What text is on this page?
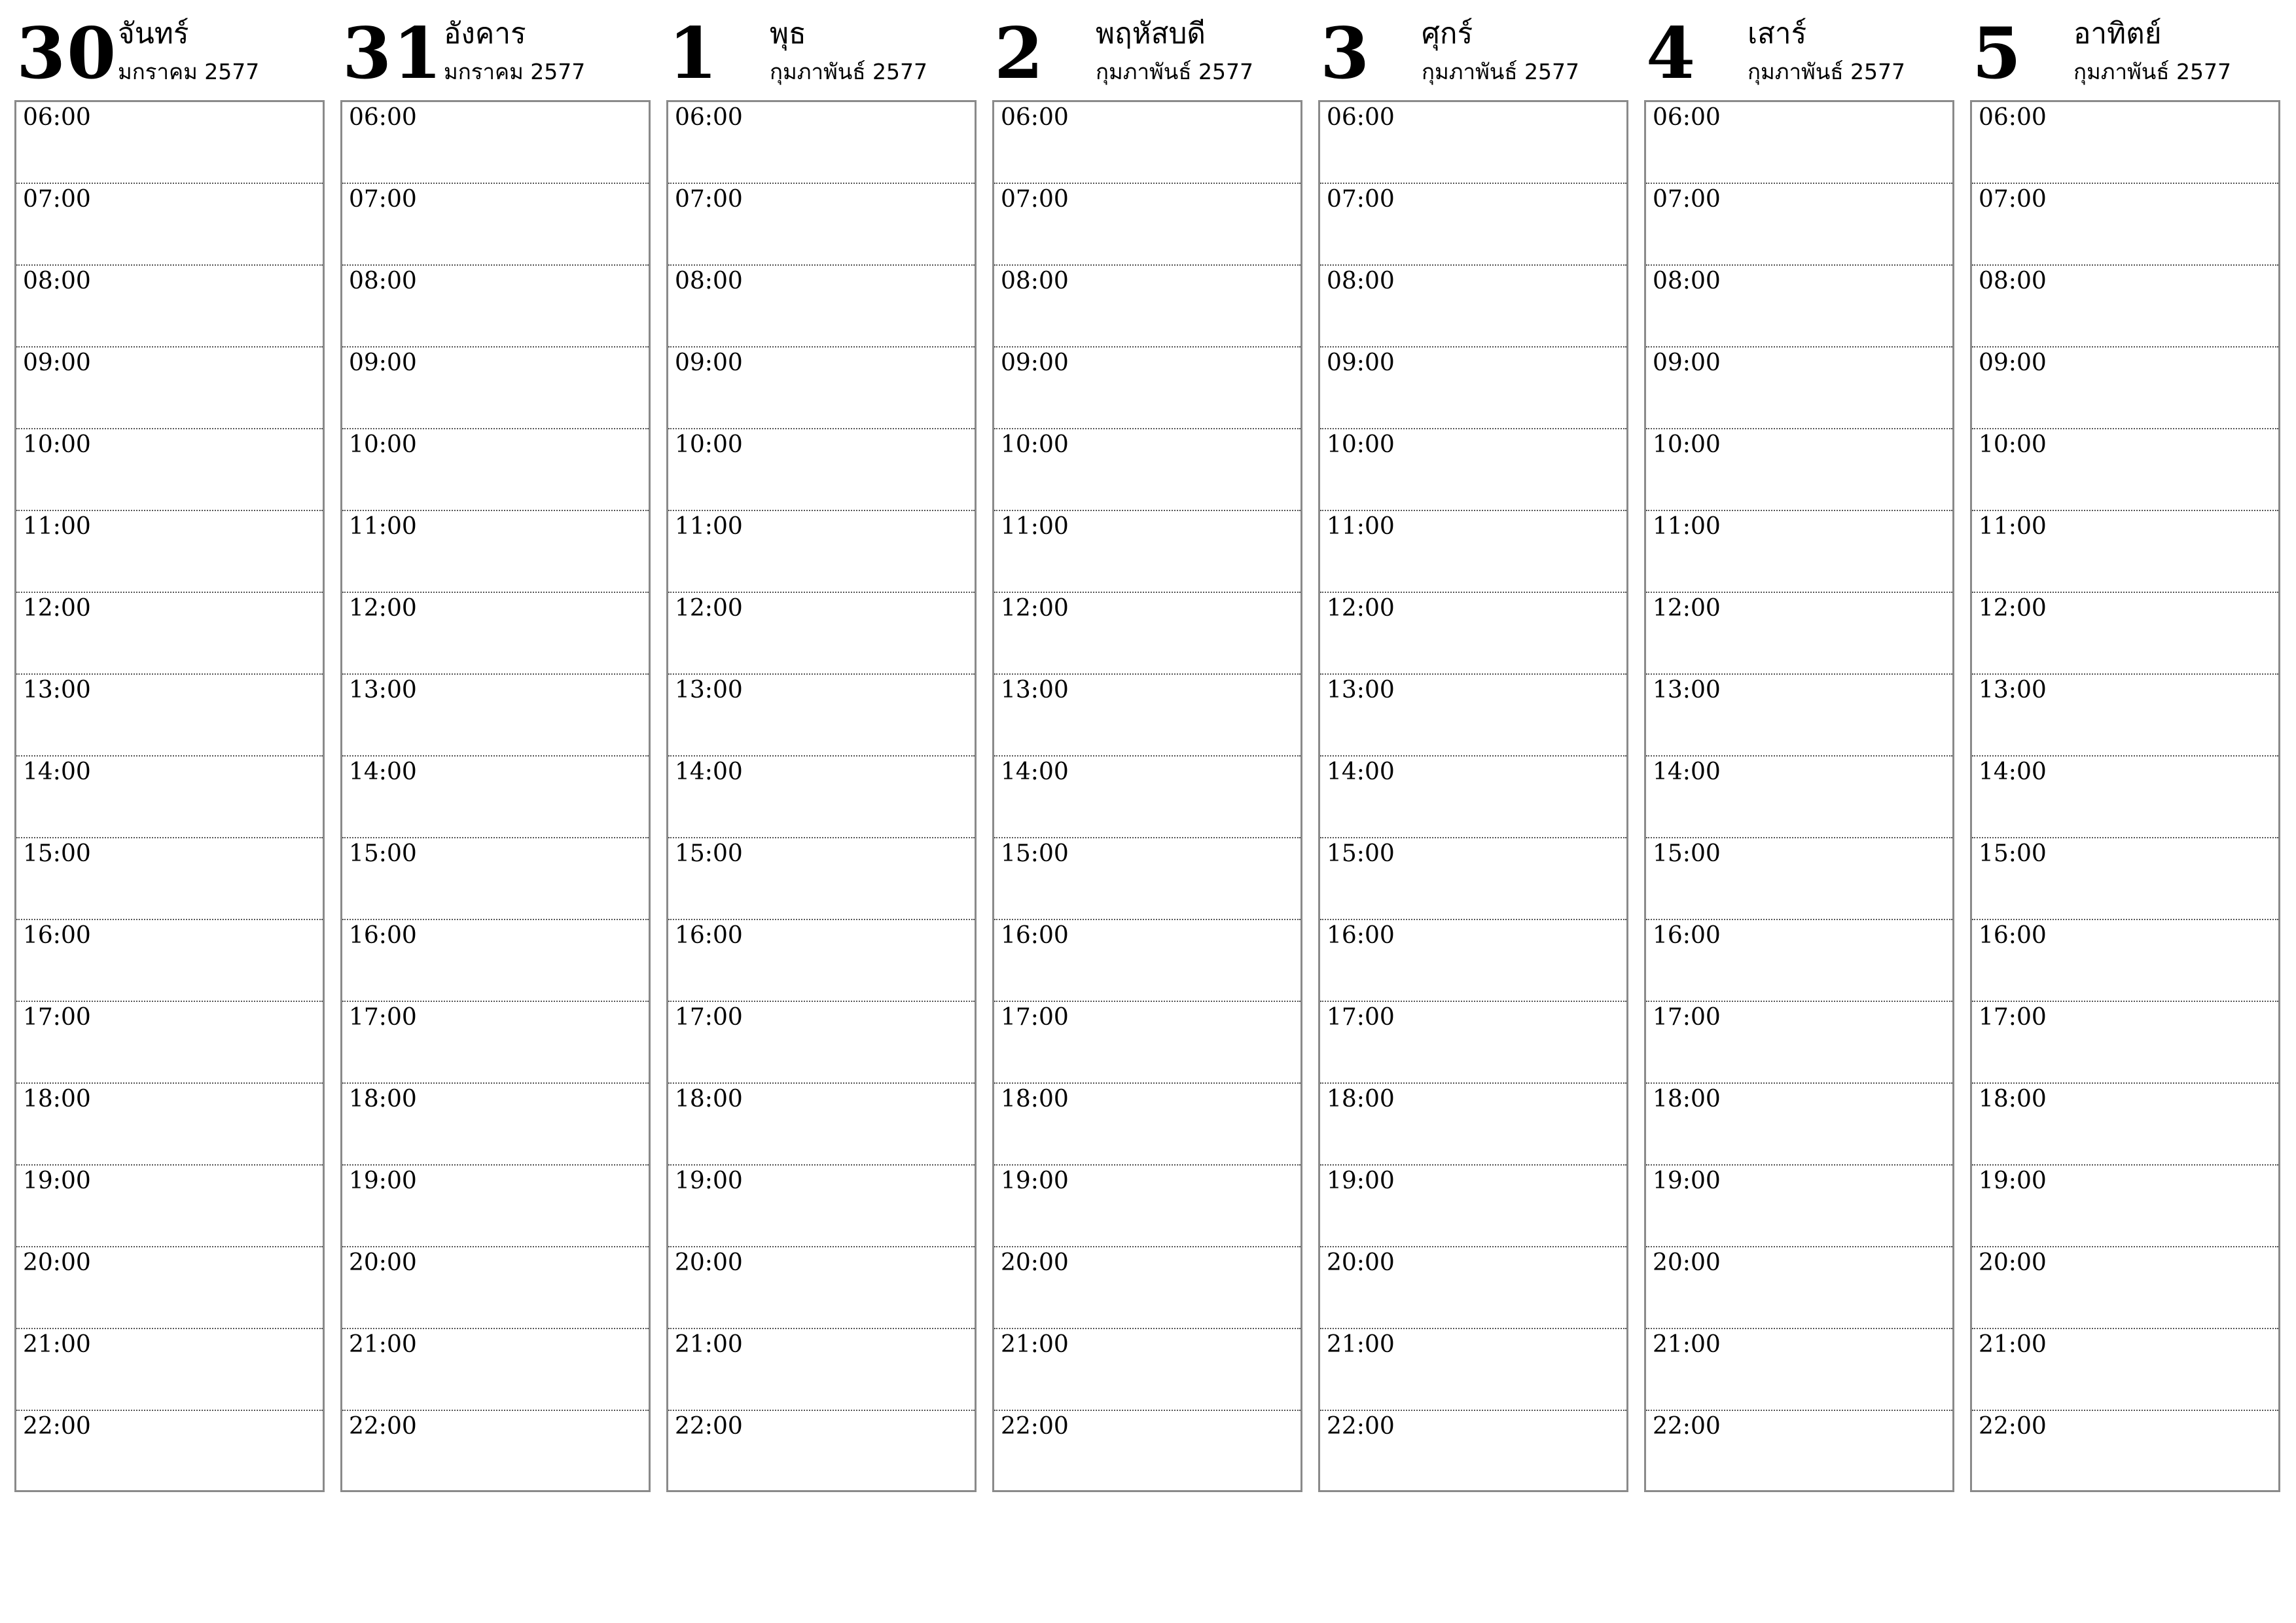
30 จันทร์
มกราคม 2577
06:00
07:00
08:00
09:00
10:00
11:00
12:00
13:00
14:00
15:00
16:00
17:00
18:00
19:00
20:00
21:00
22:00
31 อังคาร
มกราคม 2577
06:00
07:00
08:00
09:00
10:00
11:00
12:00
13:00
14:00
15:00
16:00
17:00
18:00
19:00
20:00
21:00
22:00
1 พุธ
กุมภาพันธ์ 2577
06:00
07:00
08:00
09:00
10:00
11:00
12:00
13:00
14:00
15:00
16:00
17:00
18:00
19:00
20:00
21:00
22:00
2 พฤหัสบดี
กุมภาพันธ์ 2577
06:00
07:00
08:00
09:00
10:00
11:00
12:00
13:00
14:00
15:00
16:00
17:00
18:00
19:00
20:00
21:00
22:00
3 ศุกร์
กุมภาพันธ์ 2577
06:00
07:00
08:00
09:00
10:00
11:00
12:00
13:00
14:00
15:00
16:00
17:00
18:00
19:00
20:00
21:00
22:00
4 เสาร์
กุมภาพันธ์ 2577
06:00
07:00
08:00
09:00
10:00
11:00
12:00
13:00
14:00
15:00
16:00
17:00
18:00
19:00
20:00
21:00
22:00
5 อาทิตย์
กุมภาพันธ์ 2577
06:00
07:00
08:00
09:00
10:00
11:00
12:00
13:00
14:00
15:00
16:00
17:00
18:00
19:00
20:00
21:00
22:00
